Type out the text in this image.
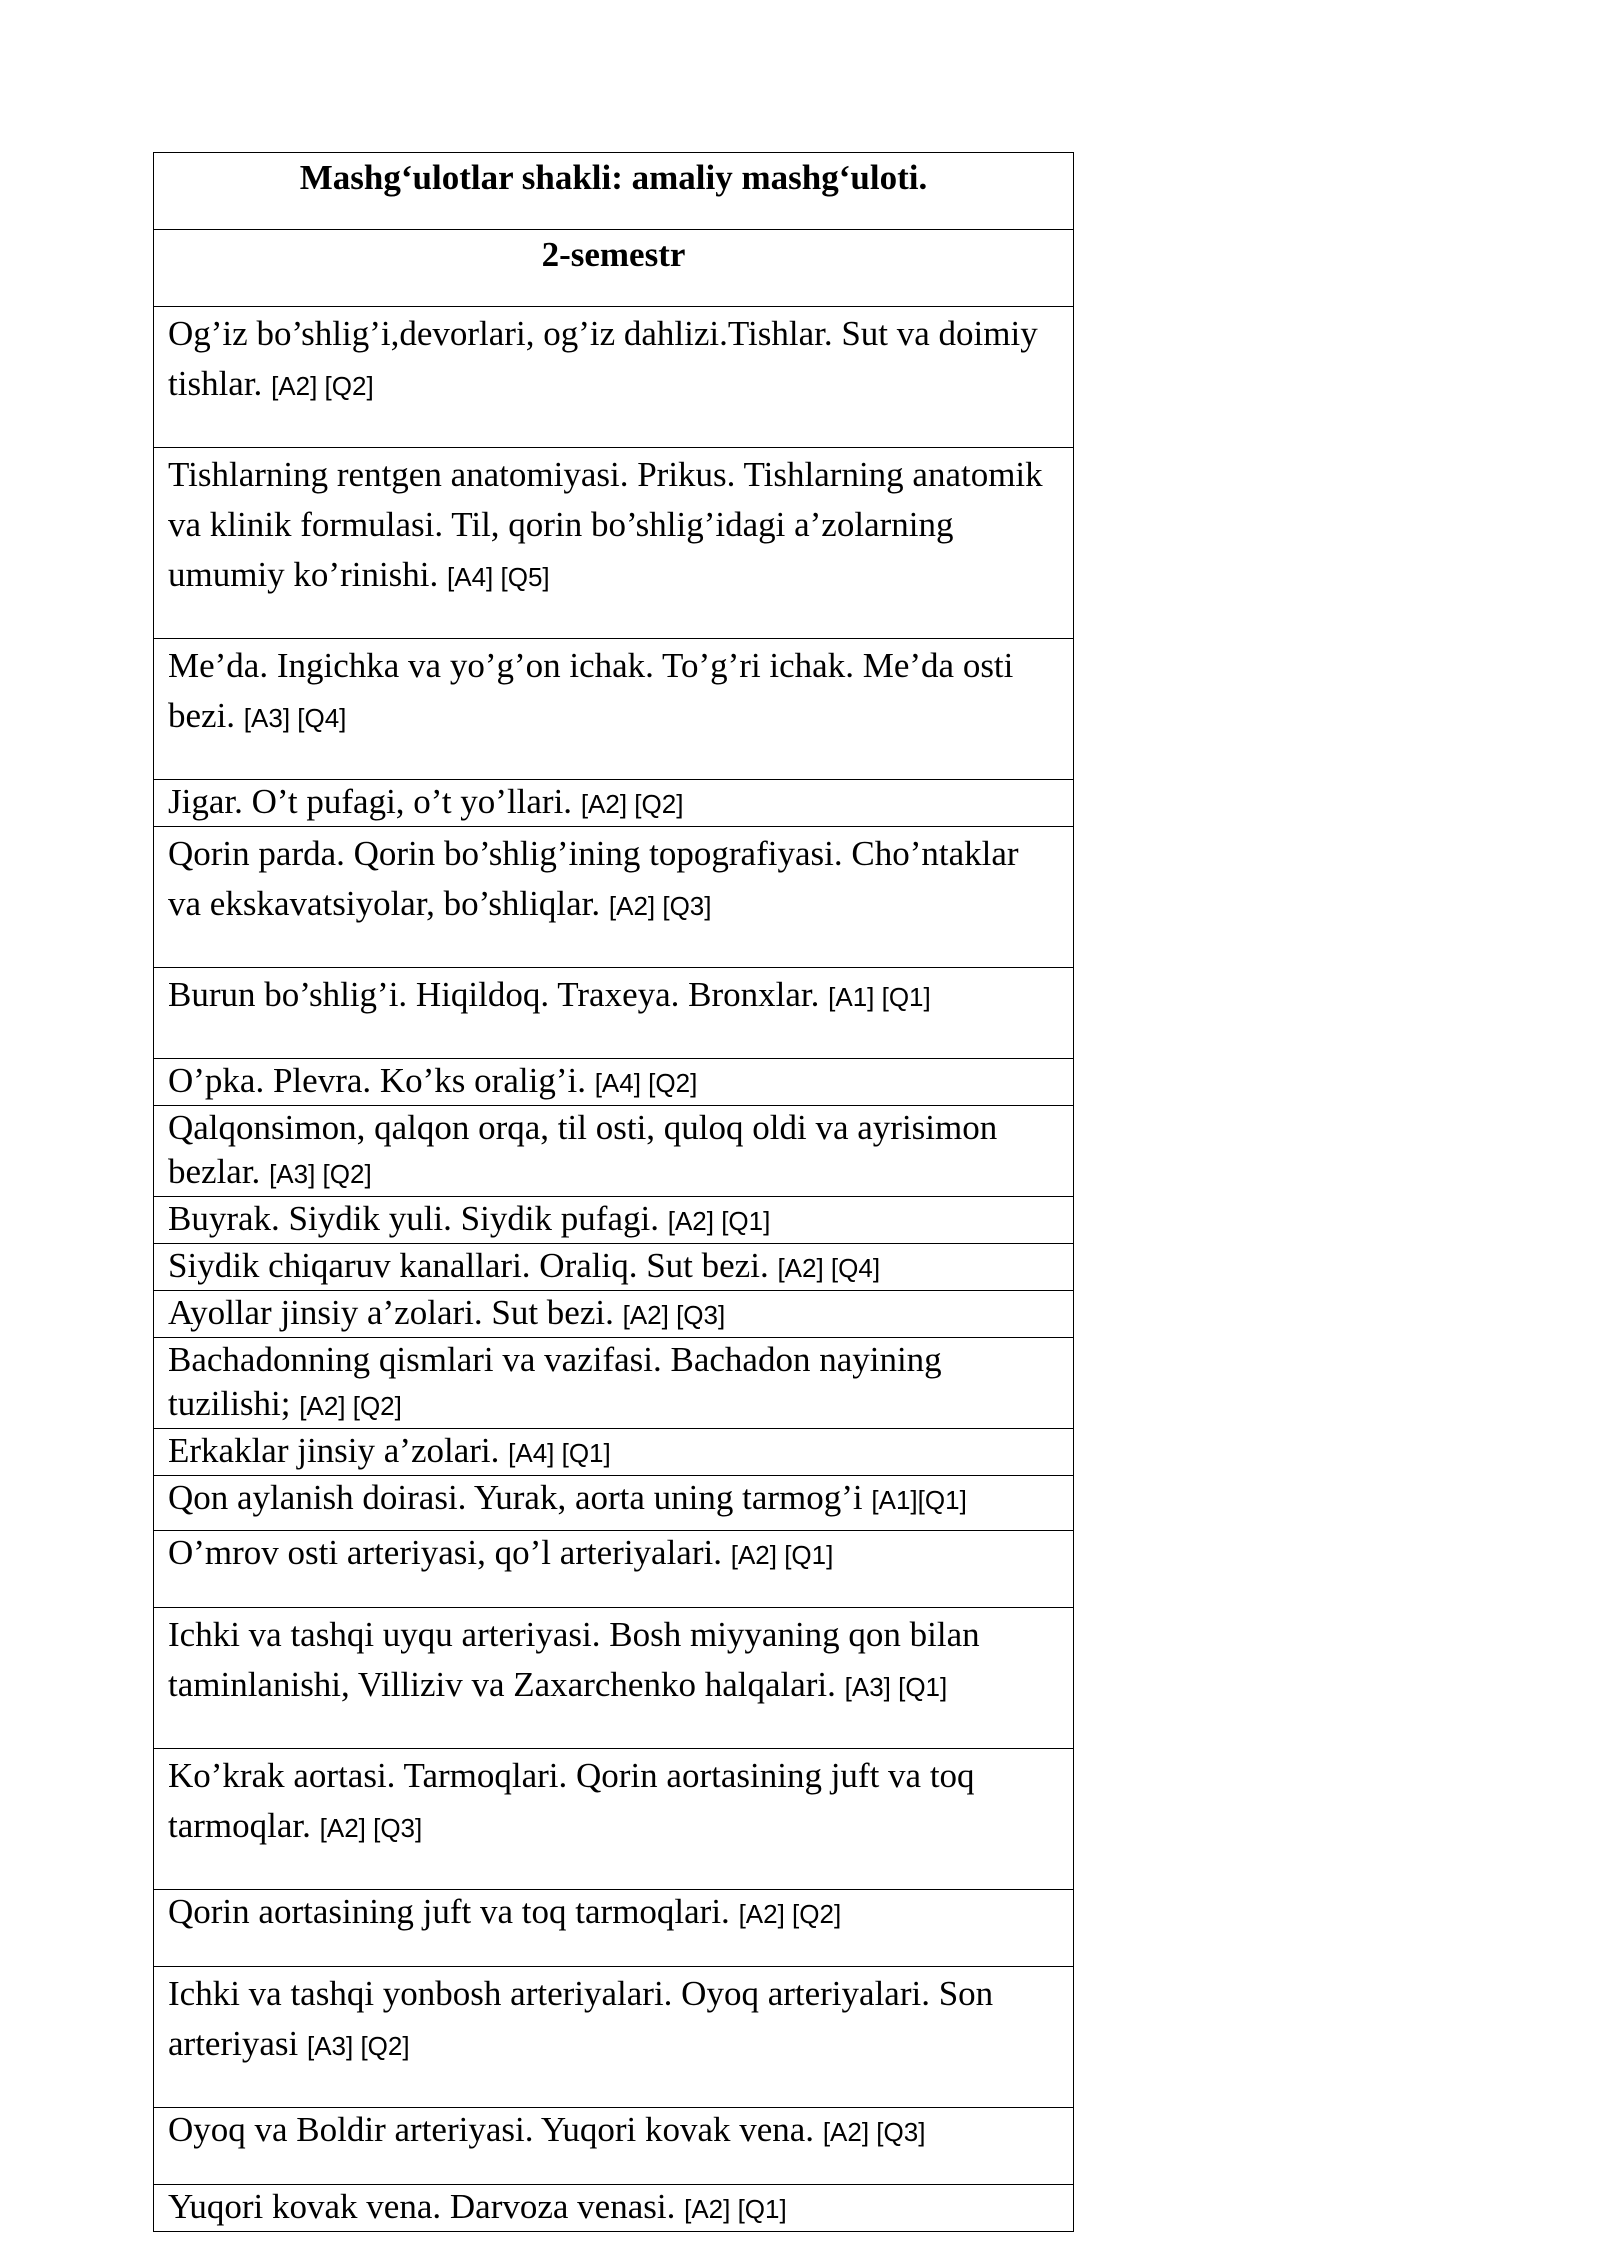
Mashg‘ulotlar shakli: amaliy mashg‘uloti.
2-semestr
Og’iz bo’shlig’i,devorlari, og’iz dahlizi.Tishlar. Sut va doimiy tishlar. [A2] [Q2]
Tishlarning rentgen anatomiyasi. Prikus. Tishlarning anatomik va klinik formulasi. Til, qorin bo’shlig’idagi a’zolarning umumiy ko’rinishi. [A4] [Q5]
Me’da. Ingichka va yo’g’on ichak. To’g’ri ichak. Me’da osti bezi. [A3] [Q4]
Jigar. O’t pufagi, o’t yo’llari. [A2] [Q2]
Qorin parda. Qorin bo’shlig’ining topografiyasi. Cho’ntaklar va ekskavatsiyolar, bo’shliqlar. [A2] [Q3]
Burun bo’shlig’i. Hiqildoq. Traxeya. Bronxlar. [A1] [Q1]
O’pka. Plevra. Ko’ks oralig’i. [A4] [Q2]
Qalqonsimon, qalqon orqa, til osti, quloq oldi va ayrisimon bezlar. [A3] [Q2]
Buyrak. Siydik yuli. Siydik pufagi. [A2] [Q1]
Siydik chiqaruv kanallari. Oraliq. Sut bezi. [A2] [Q4]
Ayollar jinsiy a’zolari. Sut bezi. [A2] [Q3]
Bachadonning qismlari va vazifasi. Bachadon nayining tuzilishi; [A2] [Q2]
Erkaklar jinsiy a’zolari. [A4] [Q1]
Qon aylanish doirasi. Yurak, aorta uning tarmog’i [A1][Q1]
O’mrov osti arteriyasi, qo’l arteriyalari. [A2] [Q1]
Ichki va tashqi uyqu arteriyasi. Bosh miyyaning qon bilan taminlanishi, Villiziv va Zaxarchenko halqalari. [A3] [Q1]
Ko’krak aortasi. Tarmoqlari. Qorin aortasining juft va toq tarmoqlar. [A2] [Q3]
Qorin aortasining juft va toq tarmoqlari. [A2] [Q2]
Ichki va tashqi yonbosh arteriyalari. Oyoq arteriyalari. Son arteriyasi [A3] [Q2]
Oyoq va Boldir arteriyasi. Yuqori kovak vena. [A2] [Q3]
Yuqori kovak vena. Darvoza venasi. [A2] [Q1]
